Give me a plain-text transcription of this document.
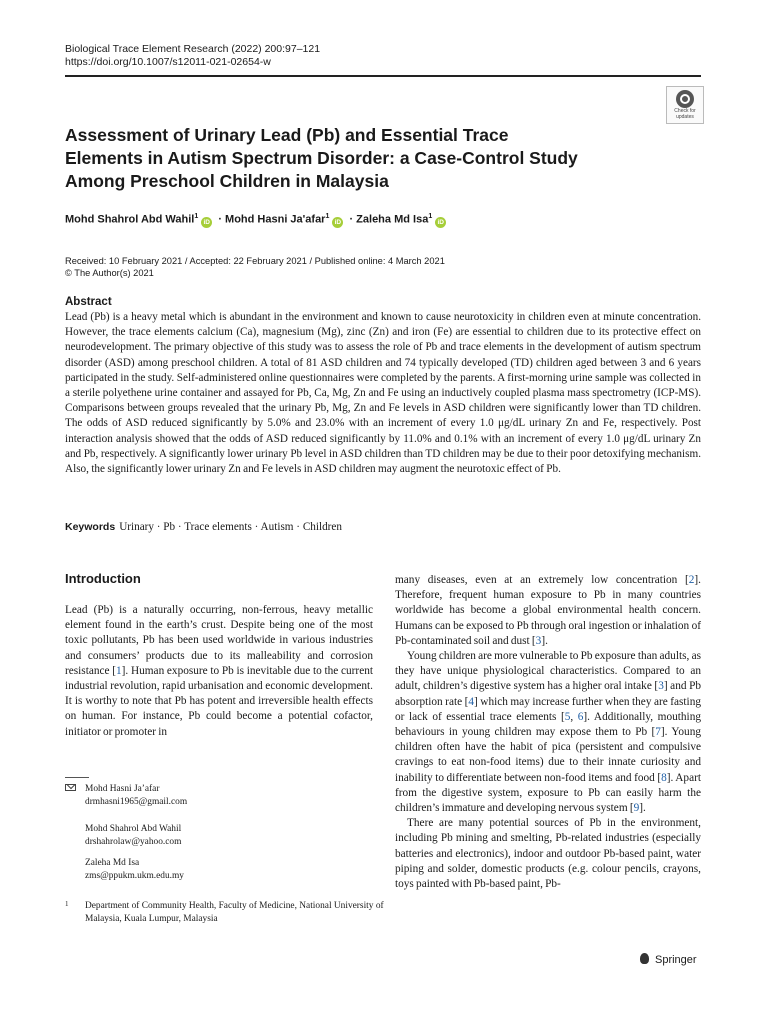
Biological Trace Element Research (2022) 200:97–121
https://doi.org/10.1007/s12011-021-02654-w
Check for updates
Assessment of Urinary Lead (Pb) and Essential Trace Elements in Autism Spectrum Disorder: a Case-Control Study Among Preschool Children in Malaysia
Mohd Shahrol Abd Wahil$^1$iD · Mohd Hasni Ja'afar$^1$iD · Zaleha Md Isa$^1$iD
Received: 10 February 2021 / Accepted: 22 February 2021 / Published online: 4 March 2021
© The Author(s) 2021
Abstract
Lead (Pb) is a heavy metal which is abundant in the environment and known to cause neurotoxicity in children even at minute concentration. However, the trace elements calcium (Ca), magnesium (Mg), zinc (Zn) and iron (Fe) are essential to children due to its protective effect on neurodevelopment. The primary objective of this study was to assess the role of Pb and trace elements in the development of autism spectrum disorder (ASD) among preschool children. A total of 81 ASD children and 74 typically developed (TD) children aged between 3 and 6 years participated in the study. Self-administered online questionnaires were completed by the parents. A first-morning urine sample was collected in a sterile polyethene urine container and assayed for Pb, Ca, Mg, Zn and Fe using an inductively coupled plasma mass spectrometry (ICP-MS). Comparisons between groups revealed that the urinary Pb, Mg, Zn and Fe levels in ASD children were significantly lower than TD children. The odds of ASD reduced significantly by 5.0% and 23.0% with an increment of every 1.0 μg/dL urinary Zn and Fe, respectively. Post interaction analysis showed that the odds of ASD reduced significantly by 11.0% and 0.1% with an increment of every 1.0 μg/dL urinary Zn and Pb, respectively. A significantly lower urinary Pb level in ASD children than TD children may be due to their poor detoxifying mechanism. Also, the significantly lower urinary Zn and Fe levels in ASD children may augment the neurotoxic effect of Pb.
Keywords Urinary · Pb · Trace elements · Autism · Children
Introduction

Lead (Pb) is a naturally occurring, non-ferrous, heavy metallic element found in the earth’s crust. Despite being one of the most toxic pollutants, Pb has been used worldwide in various industries and consumers’ products due to its malleability and corrosion resistance [1]. Human exposure to Pb is inevitable due to the current industrial revolution, rapid urbanisation and economic development. It is worthy to note that Pb has potent and irreversible health effects on human. For instance, Pb could become a potential cofactor, initiator or promoter in

many diseases, even at an extremely low concentration [2]. Therefore, frequent human exposure to Pb in many countries worldwide has become a global environmental health concern. Humans can be exposed to Pb through oral ingestion or inhalation of Pb-contaminated soil and dust [3].

Young children are more vulnerable to Pb exposure than adults, as they have unique physiological characteristics. Compared to an adult, children’s digestive system has a higher oral intake [3] and Pb absorption rate [4] which may increase further when they are fasting or lack of essential trace elements [5, 6]. Additionally, mouthing behaviours in young children may expose them to Pb [7]. Young children often have the habit of pica (persistent and compulsive cravings to eat non-food items) due to their innate curiosity and inability to differentiate between non-food items and food [8]. Apart from the digestive system, exposure to Pb can easily harm the children’s immature and developing nervous system [9].

There are many potential sources of Pb in the environment, including Pb mining and smelting, Pb-related industries (especially batteries and electronics), indoor and outdoor Pb-based paint, water piping and solder, domestic products (e.g. colour pencils, crayons, toys painted with Pb-based paint, Pb-

Mohd Hasni Ja’afar
drmhasni1965@gmail.com
Mohd Shahrol Abd Wahil
drshahrolaw@yahoo.com
Zaleha Md Isa
zms@ppukm.ukm.edu.my
1 Department of Community Health, Faculty of Medicine, National University of Malaysia, Kuala Lumpur, Malaysia
Springer
